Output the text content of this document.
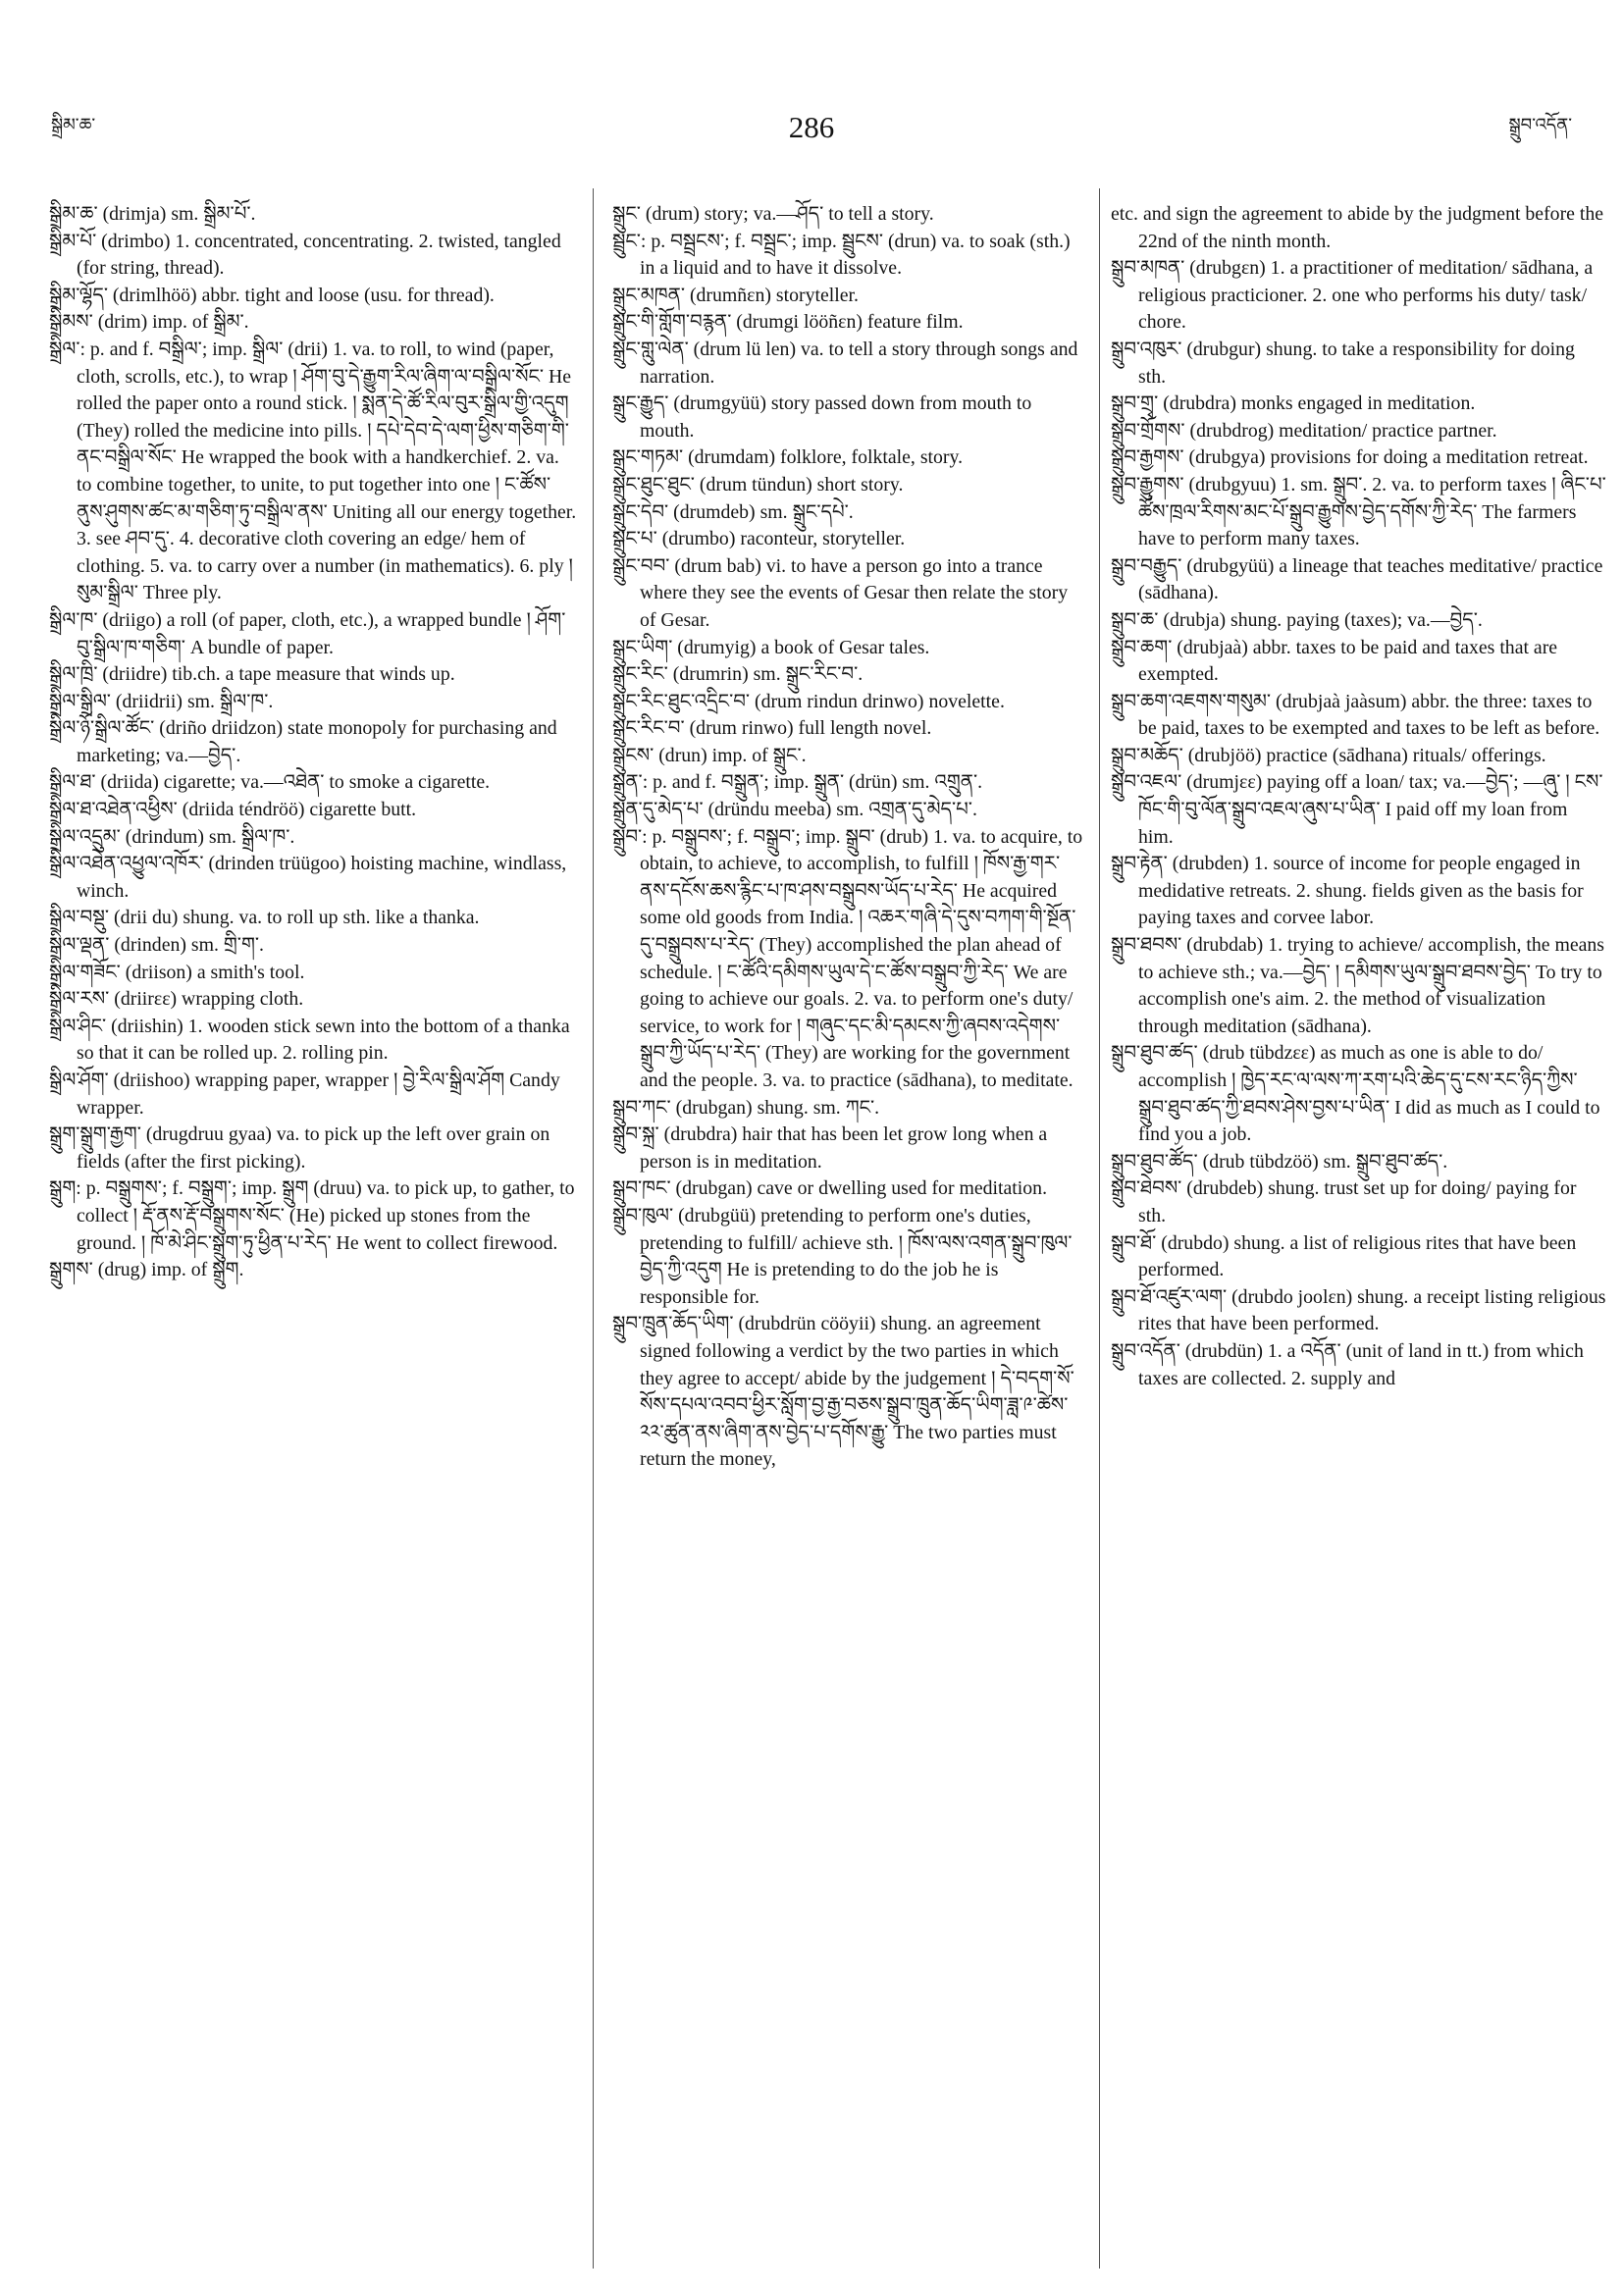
སྒྲིམ་ཆ་	286	སྒྲུབ་འདོན་

སྒྲིམ་ཆ་ (drimja) sm. སྒྲིམ་པོ་.

སྒྲིམ་པོ་ (drimbo) 1. concentrated, concentrating. 2. twisted, tangled (for string, thread).

སྒྲིམ་ལྷོད་ (drimlhöö) abbr. tight and loose (usu. for thread).

སྒྲིམས་ (drim) imp. of སྒྲིམ་.

སྒྲིལ་: p. and f. བསྒྲིལ་; imp. སྒྲིལ་ (drii) 1. va. to roll, to wind (paper, cloth, scrolls, etc.), to wrap ། ཤོག་བུ་དེ་རྒྱུག་རིལ་ཞིག་ལ་བསྒྲིལ་སོང་ He rolled the paper onto a round stick. ། སྨན་དེ་ཚོ་རིལ་བུར་སྒྲིལ་གྱི་འདུག (They) rolled the medicine into pills. ། དཔེ་དེབ་དེ་ལག་ཕྱིས་གཅིག་གི་ནང་བསྒྲིལ་སོང་ He wrapped the book with a handkerchief. 2. va. to combine together, to unite, to put together into one ། ང་ཚོས་ནུས་ཤུགས་ཚང་མ་གཅིག་ཏུ་བསྒྲིལ་ནས་ Uniting all our energy together. 3. see ཤབ་དུ་. 4. decorative cloth covering an edge/ hem of clothing. 5. va. to carry over a number (in mathematics). 6. ply ། སུམ་སྒྲིལ་ Three ply.

སྒྲིལ་ཁ་ (driigo) a roll (of paper, cloth, etc.), a wrapped bundle ། ཤོག་བུ་སྒྲིལ་ཁ་གཅིག་ A bundle of paper.

སྒྲིལ་ཁྲི་ (driidre) tib.ch. a tape measure that winds up.

སྒྲིལ་སྒྲིལ་ (driidrii) sm. སྒྲིལ་ཁ་.

སྒྲིལ་ཉོ་སྒྲིལ་ཚོང་ (driño driidzon) state monopoly for purchasing and marketing; va.—བྱེད་.

སྒྲིལ་ཐ་ (driida) cigarette; va.—འཐེན་ to smoke a cigarette.

སྒྲིལ་ཐ་འཐེན་འཕྱིས་ (driida téndröö) cigarette butt.

སྒྲིལ་འདྲུམ་ (drindum) sm. སྒྲིལ་ཁ་.

སྒྲིལ་འཐེན་འཕྱུལ་འཁོར་ (drinden trüügoo) hoisting machine, windlass, winch.

སྒྲིལ་བསྡུ་ (drii du) shung. va. to roll up sth. like a thanka.

སྒྲིལ་ལྡན་ (drinden) sm. གྲི་ག་.

སྒྲིལ་གཟོང་ (driison) a smith's tool.

སྒྲིལ་རས་ (driirεε) wrapping cloth.

སྒྲིལ་ཤིང་ (driishin) 1. wooden stick sewn into the bottom of a thanka so that it can be rolled up. 2. rolling pin.

སྒྲིལ་ཤོག་ (driishoo) wrapping paper, wrapper ། བྱེ་རིལ་སྒྲིལ་ཤོག Candy wrapper.

སྒྲུག་སྒྲུག་རྒྱག་ (drugdruu gyaa) va. to pick up the left over grain on fields (after the first picking).

སྒྲུག: p. བསྒྲུགས་; f. བསྒྲུག་; imp. སྒྲུག (druu) va. to pick up, to gather, to collect ། རྡོ་ནས་རྡོ་བསྒྲུགས་སོང་ (He) picked up stones from the ground. ། ཁོ་མེ་ཤིང་སྒྲུག་ཏུ་ཕྱིན་པ་རེད་ He went to collect firewood.

སྒྲུགས་ (drug) imp. of སྒྲུག.

སྒྲུང་ (drum) story; va.—ཤོད་ to tell a story.

སྦྲུང་: p. བསྦྲངས་; f. བསྦྲང་; imp. སྦྲུངས་ (drun) va. to soak (sth.) in a liquid and to have it dissolve.

སྒྲུང་མཁན་ (drumñεn) storyteller.

སྒྲུང་གི་གློག་བརྙན་ (drumgi lööñεn) feature film.

སྒྲུང་གླུ་ལེན་ (drum lü len) va. to tell a story through songs and narration.

སྒྲུང་རྒྱུད་ (drumgyüü) story passed down from mouth to mouth.

སྒྲུང་གཏམ་ (drumdam) folklore, folktale, story.

སྒྲུང་ཐུང་ཐུང་ (drum tündun) short story.

སྒྲུང་དེབ་ (drumdeb) sm. སྒྲུང་དཔེ་.

སྒྲུང་པ་ (drumbo) raconteur, storyteller.

སྒྲུང་བབ་ (drum bab) vi. to have a person go into a trance where they see the events of Gesar then relate the story of Gesar.

སྒྲུང་ཡིག་ (drumyig) a book of Gesar tales.

སྒྲུང་རིང་ (drumrin) sm. སྒྲུང་རིང་བ་.

སྒྲུང་རིང་ཐུང་འདྲིང་བ་ (drum rindun drinwo) novelette.

སྒྲུང་རིང་བ་ (drum rinwo) full length novel.

སྒྲུངས་ (drun) imp. of སྒྲུང་.

སྒྲུན་: p. and f. བསྒྲུན་; imp. སྒྲུན་ (drün) sm. འགྲུན་.

སྒྲུན་དུ་མེད་པ་ (dründu meeba) sm. འགྲན་དུ་མེད་པ་.

སྒྲུབ་: p. བསྒྲུབས་; f. བསྒྲུབ་; imp. སྒྲུབ་ (drub) 1. va. to acquire, to obtain, to achieve, to accomplish, to fulfill ། ཁོས་རྒྱ་གར་ནས་དངོས་ཆས་རྙིང་པ་ཁ་ཤས་བསྒྲུབས་ཡོད་པ་རེད་ He acquired some old goods from India. ། འཆར་གཞི་དེ་དུས་བཀག་གི་སྔོན་དུ་བསྒྲུབས་པ་རེད་ (They) accomplished the plan ahead of schedule. ། ང་ཚོའི་དམིགས་ཡུལ་དེ་ང་ཚོས་བསྒྲུབ་ཀྱི་རེད་ We are going to achieve our goals. 2. va. to perform one's duty/ service, to work for ། གཞུང་དང་མི་དམངས་ཀྱི་ཞབས་འདེགས་སྒྲུབ་ཀྱི་ཡོད་པ་རེད་ (They) are working for the government and the people. 3. va. to practice (sādhana), to meditate.

སྒྲུབ་ཀང་ (drubgan) shung. sm. ཀང་.

སྒྲུབ་སྐྲ་ (drubdra) hair that has been let grow long when a person is in meditation.

སྒྲུབ་ཁང་ (drubgan) cave or dwelling used for meditation.

སྒྲུབ་ཁུལ་ (drubgüü) pretending to perform one's duties, pretending to fulfill/ achieve sth. ། ཁོས་ལས་འགན་སྒྲུབ་ཁུལ་བྱེད་ཀྱི་འདུག He is pretending to do the job he is responsible for.

སྒྲུབ་ཁྲུན་ཆོད་ཡིག་ (drubdrün cööyii) shung. an agreement signed following a verdict by the two parties in which they agree to accept/ abide by the judgement ། དེ་བདག་སོ་སོས་དཔལ་འབབ་ཕྱིར་སློག་བྱ་རྒྱ་བཅས་སྒྲུབ་ཁྲུན་ཆོད་ཡིག་ཟླ་༩་ཚེས་༢༢་ཚུན་ནས་ཞིག་ནས་བྱེད་པ་དགོས་རྒྱུ་ The two parties must return the money,

etc. and sign the agreement to abide by the judgment before the 22nd of the ninth month.

སྒྲུབ་མཁན་ (drubgεn) 1. a practitioner of meditation/ sādhana, a religious practicioner. 2. one who performs his duty/ task/ chore.

སྒྲུབ་འཁུར་ (drubgur) shung. to take a responsibility for doing sth.

སྒྲུབ་གྲྭ་ (drubdra) monks engaged in meditation.

སྒྲུབ་གྲོགས་ (drubdrog) meditation/ practice partner.

སྒྲུབ་རྒྱགས་ (drubgya) provisions for doing a meditation retreat.

སྒྲུབ་རྒྱུགས་ (drubgyuu) 1. sm. སྒྲུབ་. 2. va. to perform taxes ། ཞིང་པ་ཚོས་ཁྲལ་རིགས་མང་པོ་སྒྲུབ་རྒྱུགས་བྱེད་དགོས་ཀྱི་རེད་ The farmers have to perform many taxes.

སྒྲུབ་བརྒྱུད་ (drubgyüü) a lineage that teaches meditative/ practice (sādhana).

སྒྲུབ་ཆ་ (drubja) shung. paying (taxes); va.—བྱེད་.

སྒྲུབ་ཆག་ (drubjaà) abbr. taxes to be paid and taxes that are exempted.

སྒྲུབ་ཆག་འཇགས་གསུམ་ (drubjaà jaàsum) abbr. the three: taxes to be paid, taxes to be exempted and taxes to be left as before.

སྒྲུབ་མཆོད་ (drubjöö) practice (sādhana) rituals/ offerings.

སྒྲུབ་འཇལ་ (drumjεε) paying off a loan/ tax; va.—བྱེད་; —ཞུ་ ། ངས་ཁོང་གི་བུ་ལོན་སྒྲུབ་འཇལ་ཞུས་པ་ཡིན་ I paid off my loan from him.

སྒྲུབ་རྟེན་ (drubden) 1. source of income for people engaged in medidative retreats. 2. shung. fields given as the basis for paying taxes and corvee labor.

སྒྲུབ་ཐབས་ (drubdab) 1. trying to achieve/ accomplish, the means to achieve sth.; va.—བྱེད་ ། དམིགས་ཡུལ་སྒྲུབ་ཐབས་བྱེད་ To try to accomplish one's aim. 2. the method of visualization through meditation (sādhana).

སྒྲུབ་ཐུབ་ཚད་ (drub tübdzεε) as much as one is able to do/ accomplish ། ཁྱེད་རང་ལ་ལས་ཀ་རག་པའི་ཆེད་དུ་ངས་རང་ཉིད་ཀྱིས་སྒྲུབ་ཐུབ་ཚད་ཀྱི་ཐབས་ཤེས་བྱས་པ་ཡིན་ I did as much as I could to find you a job.

སྒྲུབ་ཐུབ་ཚོད་ (drub tübdzöö) sm. སྒྲུབ་ཐུབ་ཚད་.

སྒྲུབ་ཐེབས་ (drubdeb) shung. trust set up for doing/ paying for sth.

སྒྲུབ་ཐོ་ (drubdo) shung. a list of religious rites that have been performed.

སྒྲུབ་ཐོ་འཛུར་ལག་ (drubdo joolεn) shung. a receipt listing religious rites that have been performed.

སྒྲུབ་འདོན་ (drubdün) 1. a འདོན་ (unit of land in tt.) from which taxes are collected. 2. supply and
